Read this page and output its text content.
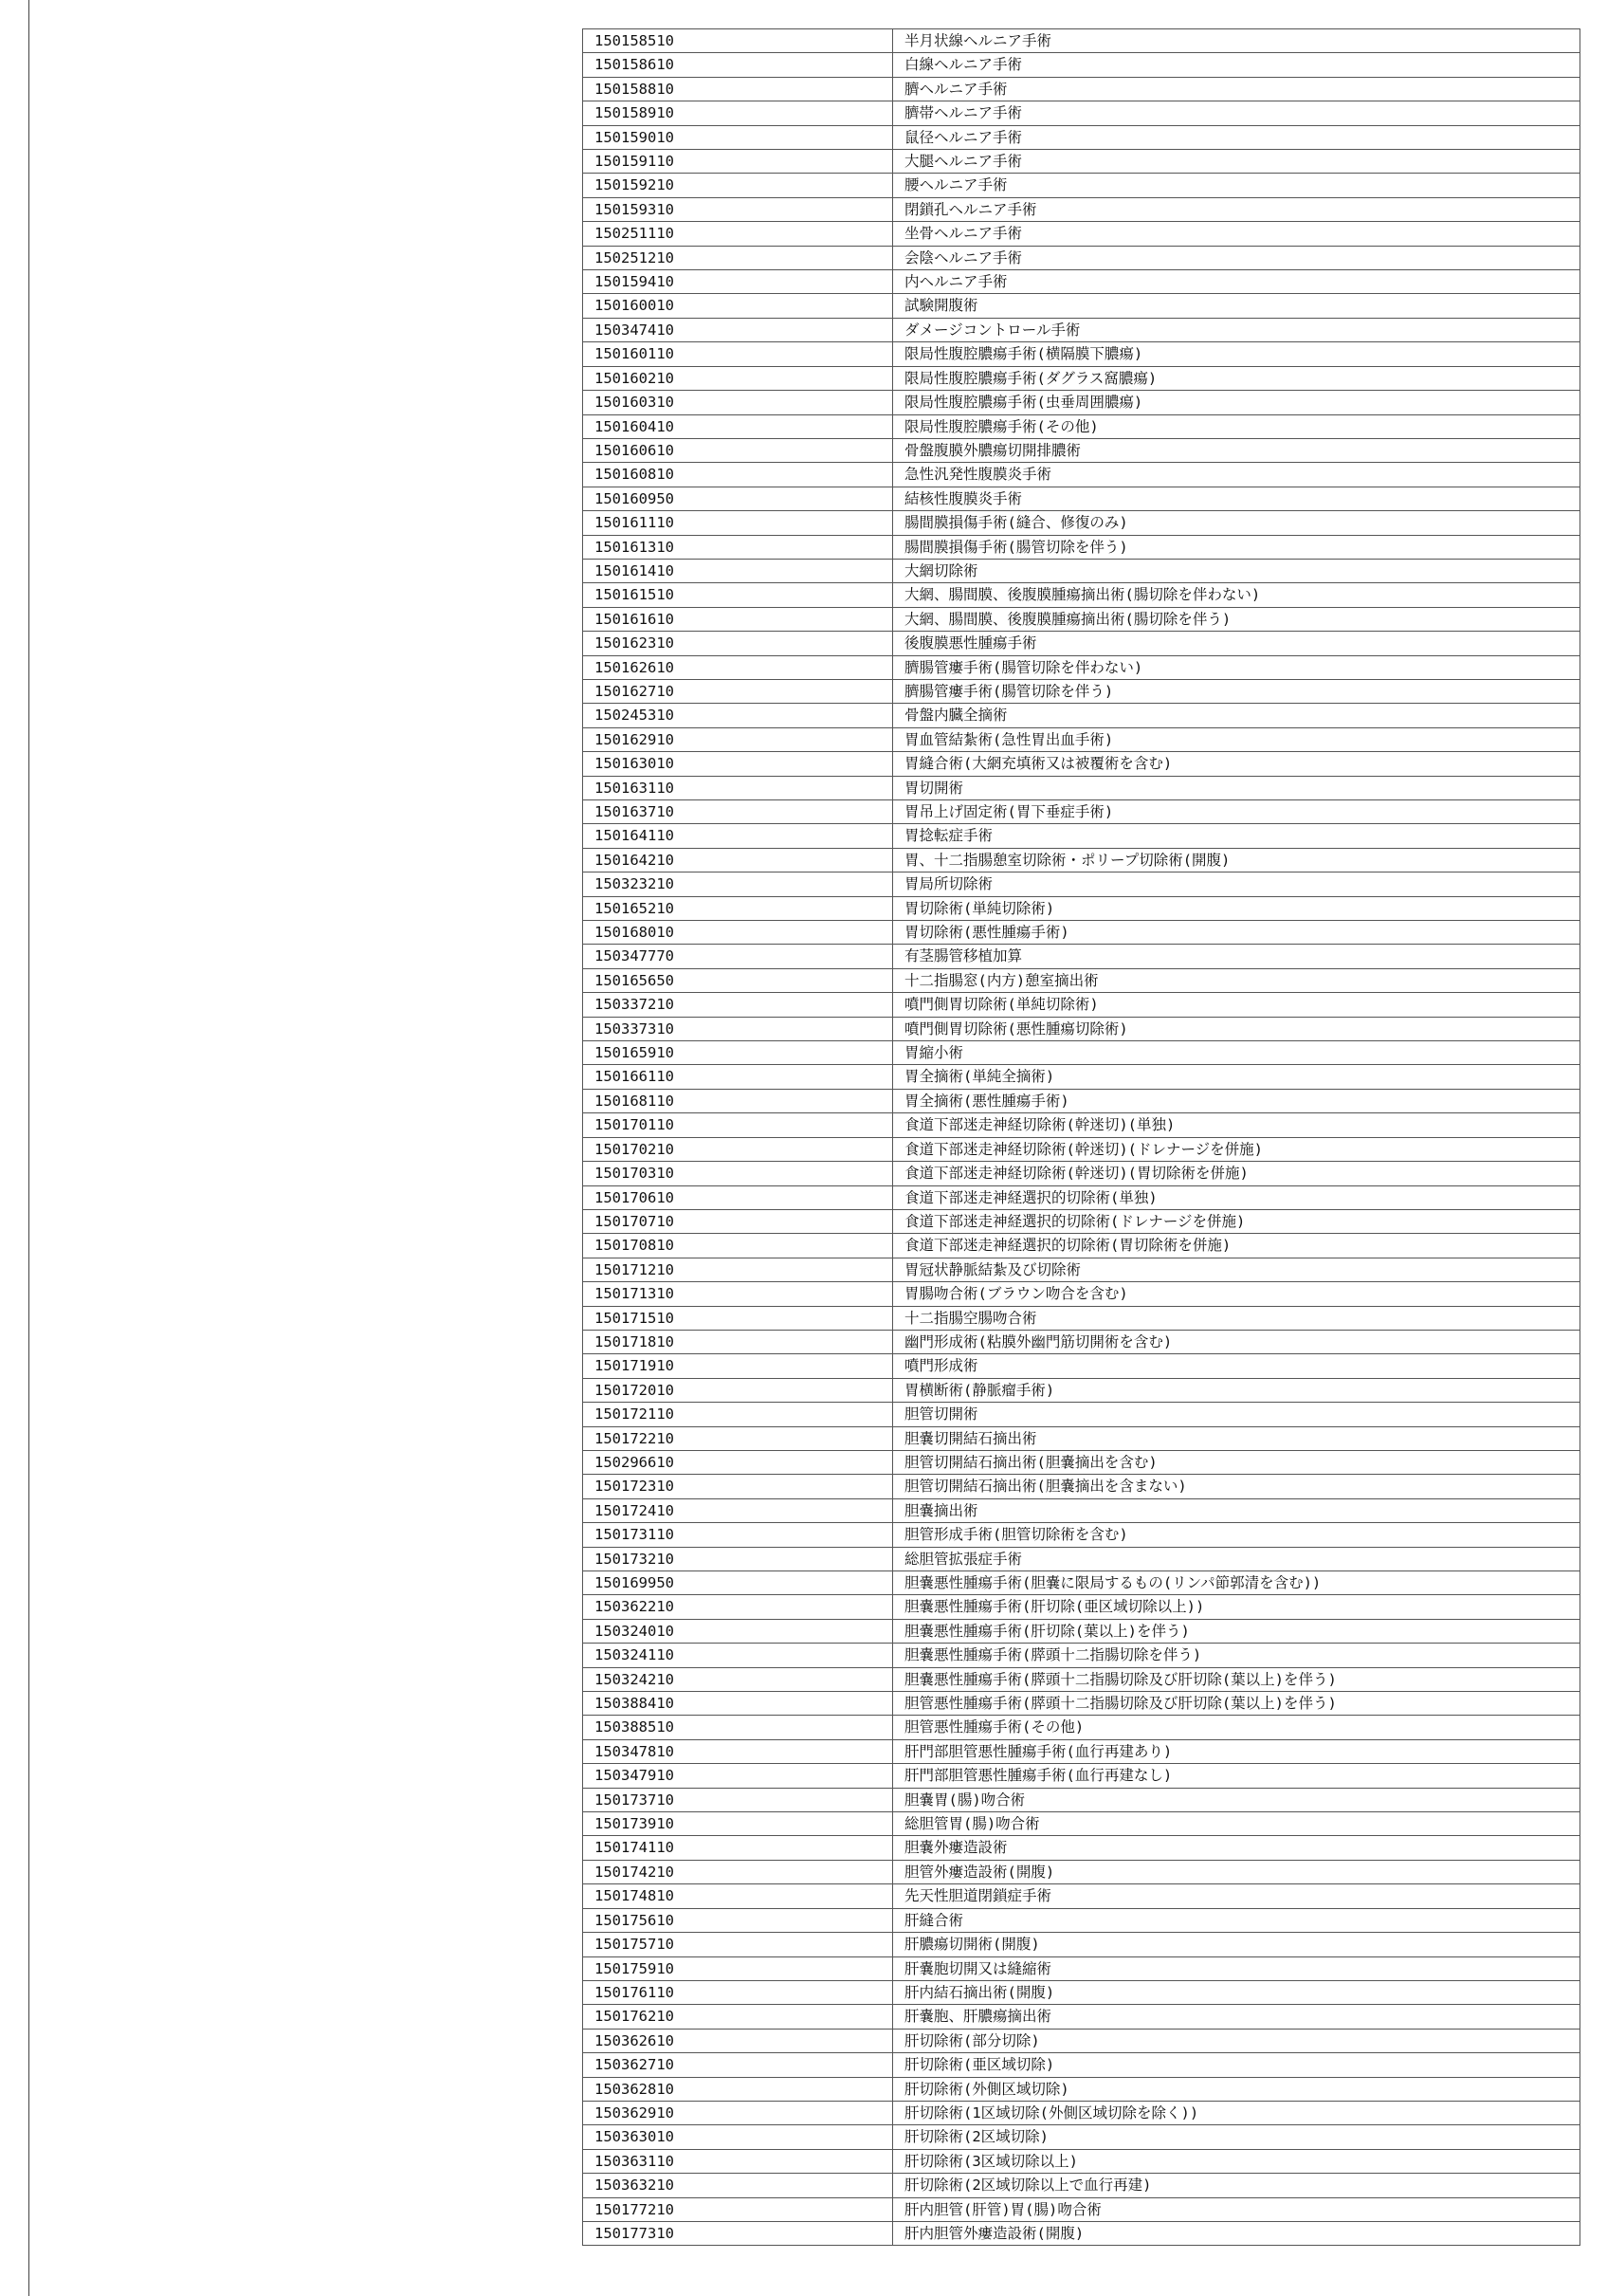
150158510	半月状線ヘルニア手術
150158610	白線ヘルニア手術
150158810	臍ヘルニア手術
150158910	臍帯ヘルニア手術
150159010	鼠径ヘルニア手術
150159110	大腿ヘルニア手術
150159210	腰ヘルニア手術
150159310	閉鎖孔ヘルニア手術
150251110	坐骨ヘルニア手術
150251210	会陰ヘルニア手術
150159410	内ヘルニア手術
150160010	試験開腹術
150347410	ダメージコントロール手術
150160110	限局性腹腔膿瘍手術(横隔膜下膿瘍)
150160210	限局性腹腔膿瘍手術(ダグラス窩膿瘍)
150160310	限局性腹腔膿瘍手術(虫垂周囲膿瘍)
150160410	限局性腹腔膿瘍手術(その他)
150160610	骨盤腹膜外膿瘍切開排膿術
150160810	急性汎発性腹膜炎手術
150160950	結核性腹膜炎手術
150161110	腸間膜損傷手術(縫合、修復のみ)
150161310	腸間膜損傷手術(腸管切除を伴う)
150161410	大網切除術
150161510	大網、腸間膜、後腹膜腫瘍摘出術(腸切除を伴わない)
150161610	大網、腸間膜、後腹膜腫瘍摘出術(腸切除を伴う)
150162310	後腹膜悪性腫瘍手術
150162610	臍腸管瘻手術(腸管切除を伴わない)
150162710	臍腸管瘻手術(腸管切除を伴う)
150245310	骨盤内臓全摘術
150162910	胃血管結紮術(急性胃出血手術)
150163010	胃縫合術(大網充填術又は被覆術を含む)
150163110	胃切開術
150163710	胃吊上げ固定術(胃下垂症手術)
150164110	胃捻転症手術
150164210	胃、十二指腸憩室切除術・ポリープ切除術(開腹)
150323210	胃局所切除術
150165210	胃切除術(単純切除術)
150168010	胃切除術(悪性腫瘍手術)
150347770	有茎腸管移植加算
150165650	十二指腸窓(内方)憩室摘出術
150337210	噴門側胃切除術(単純切除術)
150337310	噴門側胃切除術(悪性腫瘍切除術)
150165910	胃縮小術
150166110	胃全摘術(単純全摘術)
150168110	胃全摘術(悪性腫瘍手術)
150170110	食道下部迷走神経切除術(幹迷切)(単独)
150170210	食道下部迷走神経切除術(幹迷切)(ドレナージを併施)
150170310	食道下部迷走神経切除術(幹迷切)(胃切除術を併施)
150170610	食道下部迷走神経選択的切除術(単独)
150170710	食道下部迷走神経選択的切除術(ドレナージを併施)
150170810	食道下部迷走神経選択的切除術(胃切除術を併施)
150171210	胃冠状静脈結紮及び切除術
150171310	胃腸吻合術(ブラウン吻合を含む)
150171510	十二指腸空腸吻合術
150171810	幽門形成術(粘膜外幽門筋切開術を含む)
150171910	噴門形成術
150172010	胃横断術(静脈瘤手術)
150172110	胆管切開術
150172210	胆嚢切開結石摘出術
150296610	胆管切開結石摘出術(胆嚢摘出を含む)
150172310	胆管切開結石摘出術(胆嚢摘出を含まない)
150172410	胆嚢摘出術
150173110	胆管形成手術(胆管切除術を含む)
150173210	総胆管拡張症手術
150169950	胆嚢悪性腫瘍手術(胆嚢に限局するもの(リンパ節郭清を含む))
150362210	胆嚢悪性腫瘍手術(肝切除(亜区域切除以上))
150324010	胆嚢悪性腫瘍手術(肝切除(葉以上)を伴う)
150324110	胆嚢悪性腫瘍手術(膵頭十二指腸切除を伴う)
150324210	胆嚢悪性腫瘍手術(膵頭十二指腸切除及び肝切除(葉以上)を伴う)
150388410	胆管悪性腫瘍手術(膵頭十二指腸切除及び肝切除(葉以上)を伴う)
150388510	胆管悪性腫瘍手術(その他)
150347810	肝門部胆管悪性腫瘍手術(血行再建あり)
150347910	肝門部胆管悪性腫瘍手術(血行再建なし)
150173710	胆嚢胃(腸)吻合術
150173910	総胆管胃(腸)吻合術
150174110	胆嚢外瘻造設術
150174210	胆管外瘻造設術(開腹)
150174810	先天性胆道閉鎖症手術
150175610	肝縫合術
150175710	肝膿瘍切開術(開腹)
150175910	肝嚢胞切開又は縫縮術
150176110	肝内結石摘出術(開腹)
150176210	肝嚢胞、肝膿瘍摘出術
150362610	肝切除術(部分切除)
150362710	肝切除術(亜区域切除)
150362810	肝切除術(外側区域切除)
150362910	肝切除術(1区域切除(外側区域切除を除く))
150363010	肝切除術(2区域切除)
150363110	肝切除術(3区域切除以上)
150363210	肝切除術(2区域切除以上で血行再建)
150177210	肝内胆管(肝管)胃(腸)吻合術
150177310	肝内胆管外瘻造設術(開腹)
